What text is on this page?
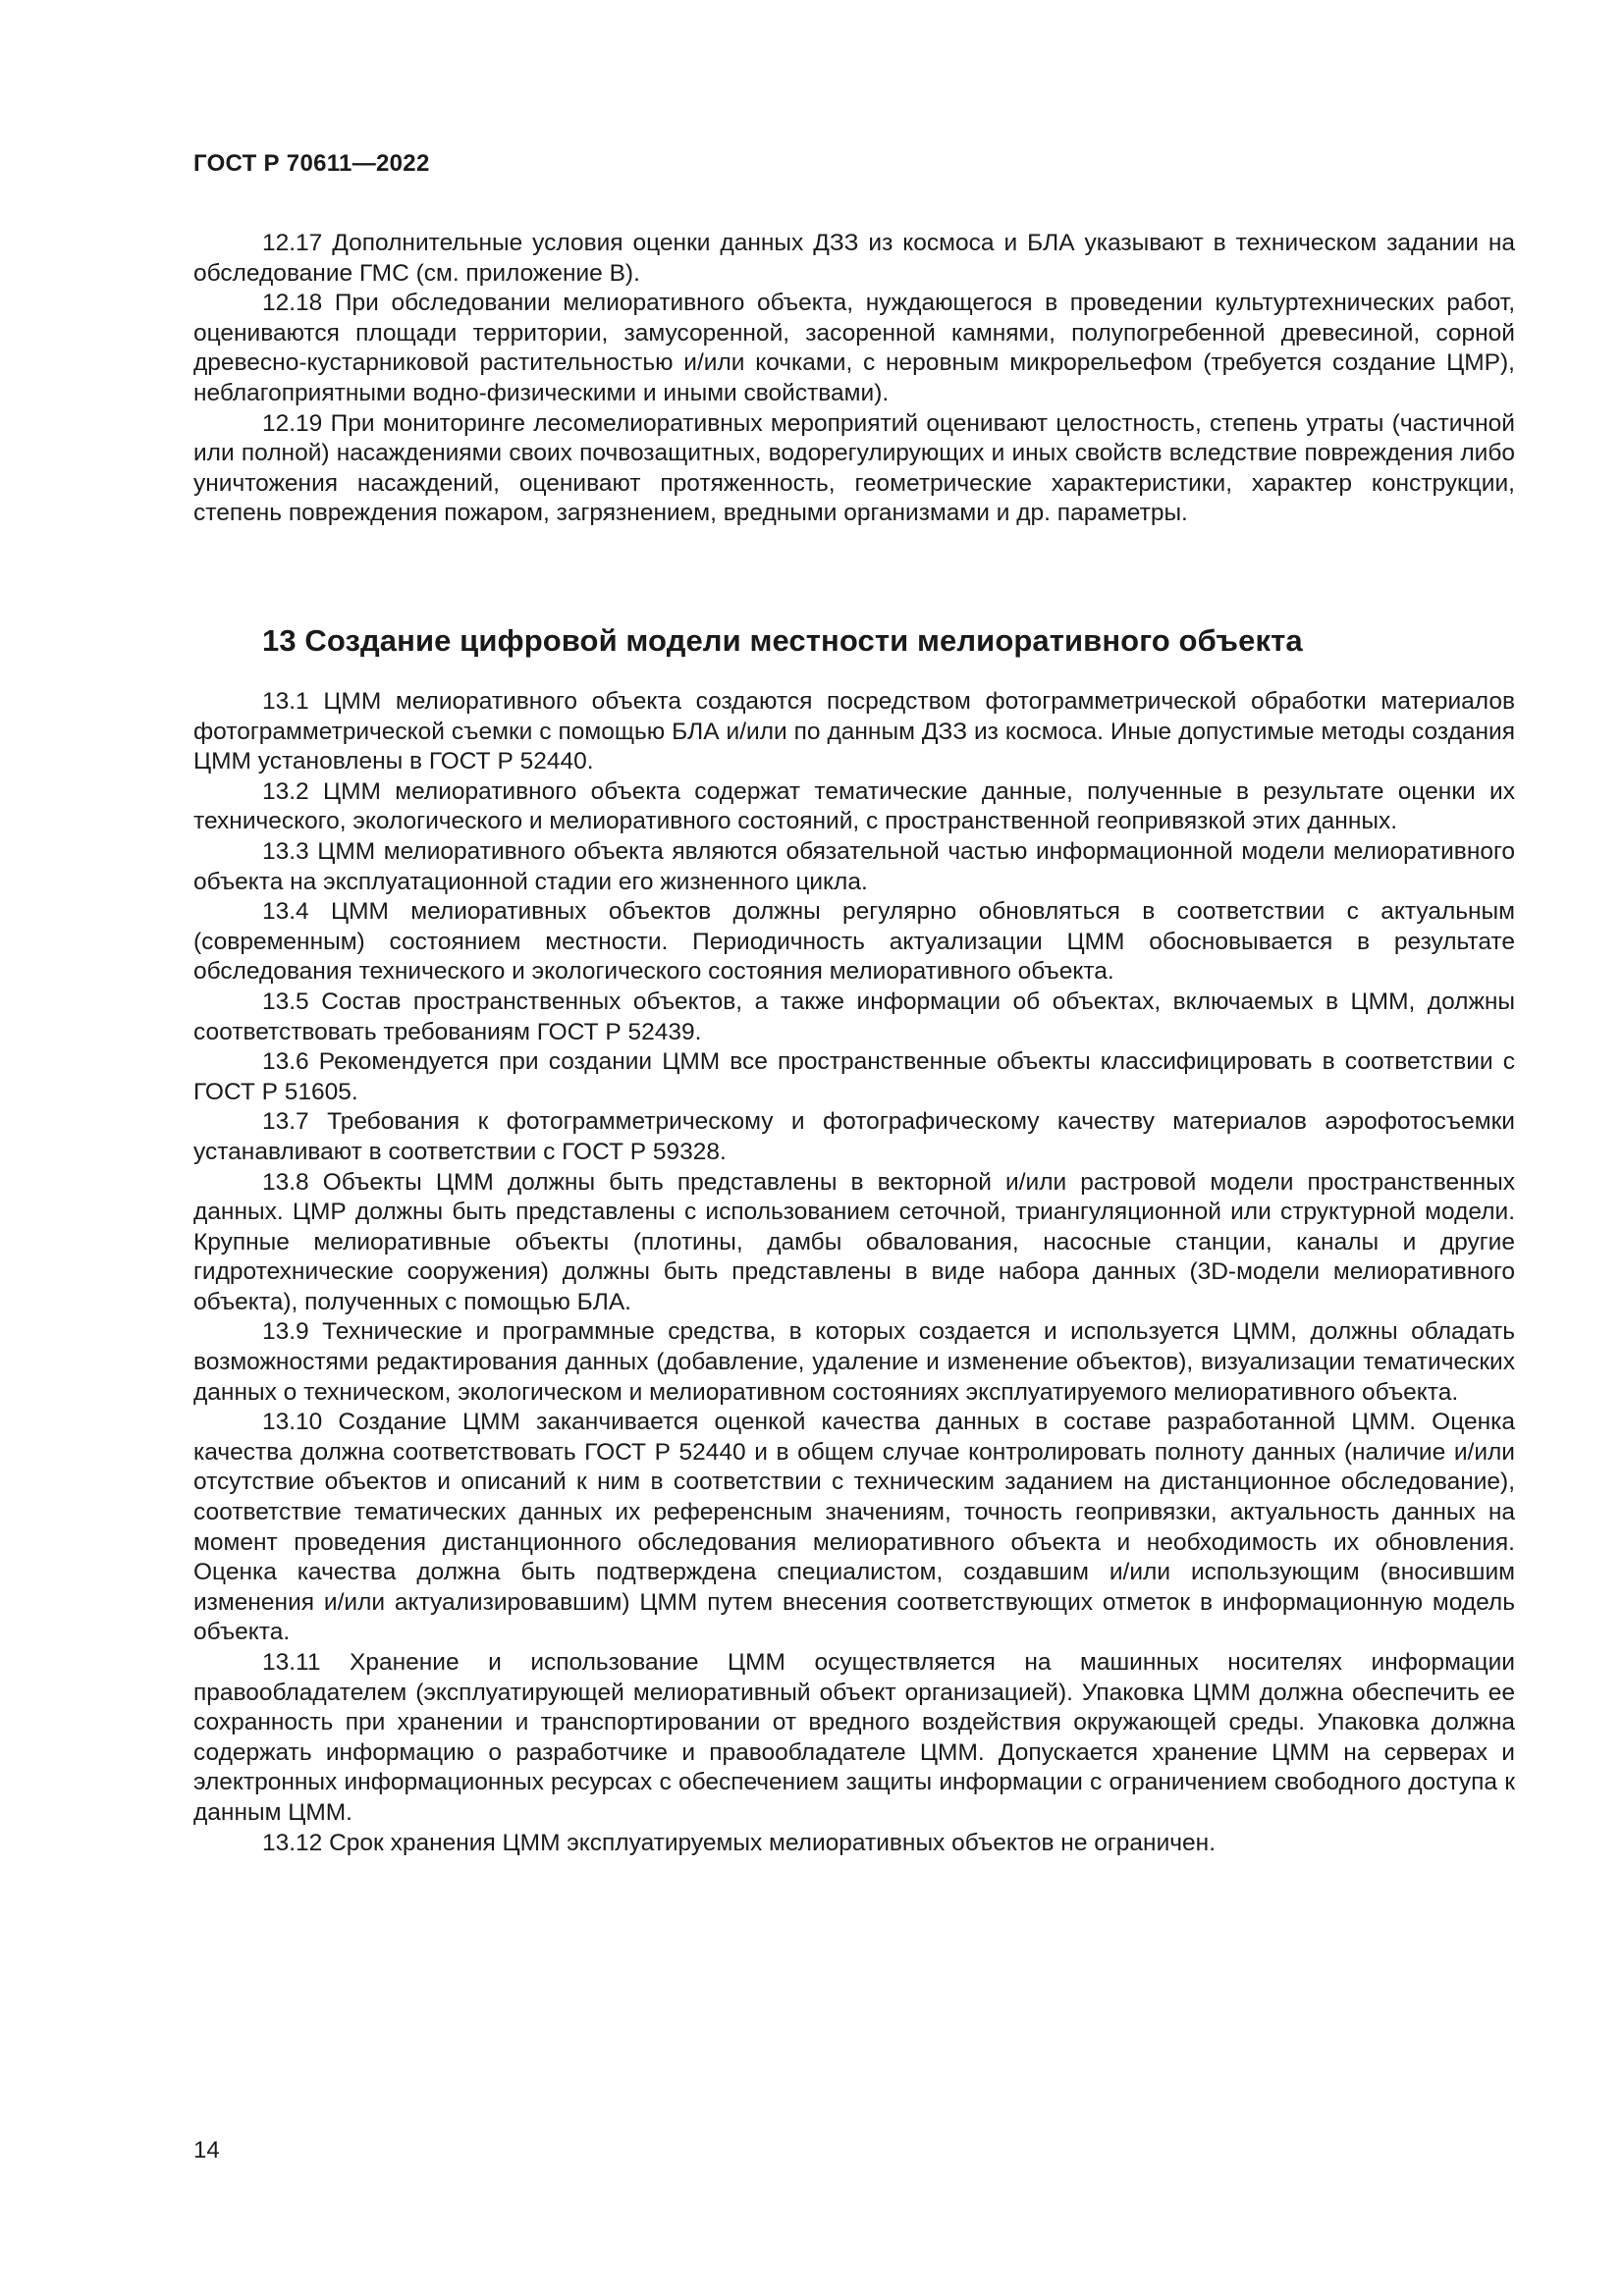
ГОСТ Р 70611—2022

12.17 Дополнительные условия оценки данных ДЗЗ из космоса и БЛА указывают в техническом задании на обследование ГМС (см. приложение В).

12.18 При обследовании мелиоративного объекта, нуждающегося в проведении культуртехнических работ, оцениваются площади территории, замусоренной, засоренной камнями, полупогребенной древесиной, сорной древесно-кустарниковой растительностью и/или кочками, с неровным микрорельефом (требуется создание ЦМР), неблагоприятными водно-физическими и иными свойствами).

12.19 При мониторинге лесомелиоративных мероприятий оценивают целостность, степень утраты (частичной или полной) насаждениями своих почвозащитных, водорегулирующих и иных свойств вследствие повреждения либо уничтожения насаждений, оценивают протяженность, геометрические характеристики, характер конструкции, степень повреждения пожаром, загрязнением, вредными организмами и др. параметры.

13 Создание цифровой модели местности мелиоративного объекта

13.1 ЦММ мелиоративного объекта создаются посредством фотограмметрической обработки материалов фотограмметрической съемки с помощью БЛА и/или по данным ДЗЗ из космоса. Иные допустимые методы создания ЦММ установлены в ГОСТ Р 52440.

13.2 ЦММ мелиоративного объекта содержат тематические данные, полученные в результате оценки их технического, экологического и мелиоративного состояний, с пространственной геопривязкой этих данных.

13.3 ЦММ мелиоративного объекта являются обязательной частью информационной модели мелиоративного объекта на эксплуатационной стадии его жизненного цикла.

13.4 ЦММ мелиоративных объектов должны регулярно обновляться в соответствии с актуальным (современным) состоянием местности. Периодичность актуализации ЦММ обосновывается в результате обследования технического и экологического состояния мелиоративного объекта.

13.5 Состав пространственных объектов, а также информации об объектах, включаемых в ЦММ, должны соответствовать требованиям ГОСТ Р 52439.

13.6 Рекомендуется при создании ЦММ все пространственные объекты классифицировать в соответствии с ГОСТ Р 51605.

13.7 Требования к фотограмметрическому и фотографическому качеству материалов аэрофотосъемки устанавливают в соответствии с ГОСТ Р 59328.

13.8 Объекты ЦММ должны быть представлены в векторной и/или растровой модели пространственных данных. ЦМР должны быть представлены с использованием сеточной, триангуляционной или структурной модели. Крупные мелиоративные объекты (плотины, дамбы обвалования, насосные станции, каналы и другие гидротехнические сооружения) должны быть представлены в виде набора данных (3D-модели мелиоративного объекта), полученных с помощью БЛА.

13.9 Технические и программные средства, в которых создается и используется ЦММ, должны обладать возможностями редактирования данных (добавление, удаление и изменение объектов), визуализации тематических данных о техническом, экологическом и мелиоративном состояниях эксплуатируемого мелиоративного объекта.

13.10 Создание ЦММ заканчивается оценкой качества данных в составе разработанной ЦММ. Оценка качества должна соответствовать ГОСТ Р 52440 и в общем случае контролировать полноту данных (наличие и/или отсутствие объектов и описаний к ним в соответствии с техническим заданием на дистанционное обследование), соответствие тематических данных их референсным значениям, точность геопривязки, актуальность данных на момент проведения дистанционного обследования мелиоративного объекта и необходимость их обновления. Оценка качества должна быть подтверждена специалистом, создавшим и/или использующим (вносившим изменения и/или актуализировавшим) ЦММ путем внесения соответствующих отметок в информационную модель объекта.

13.11 Хранение и использование ЦММ осуществляется на машинных носителях информации правообладателем (эксплуатирующей мелиоративный объект организацией). Упаковка ЦММ должна обеспечить ее сохранность при хранении и транспортировании от вредного воздействия окружающей среды. Упаковка должна содержать информацию о разработчике и правообладателе ЦММ. Допускается хранение ЦММ на серверах и электронных информационных ресурсах с обеспечением защиты информации с ограничением свободного доступа к данным ЦММ.

13.12 Срок хранения ЦММ эксплуатируемых мелиоративных объектов не ограничен.

14
